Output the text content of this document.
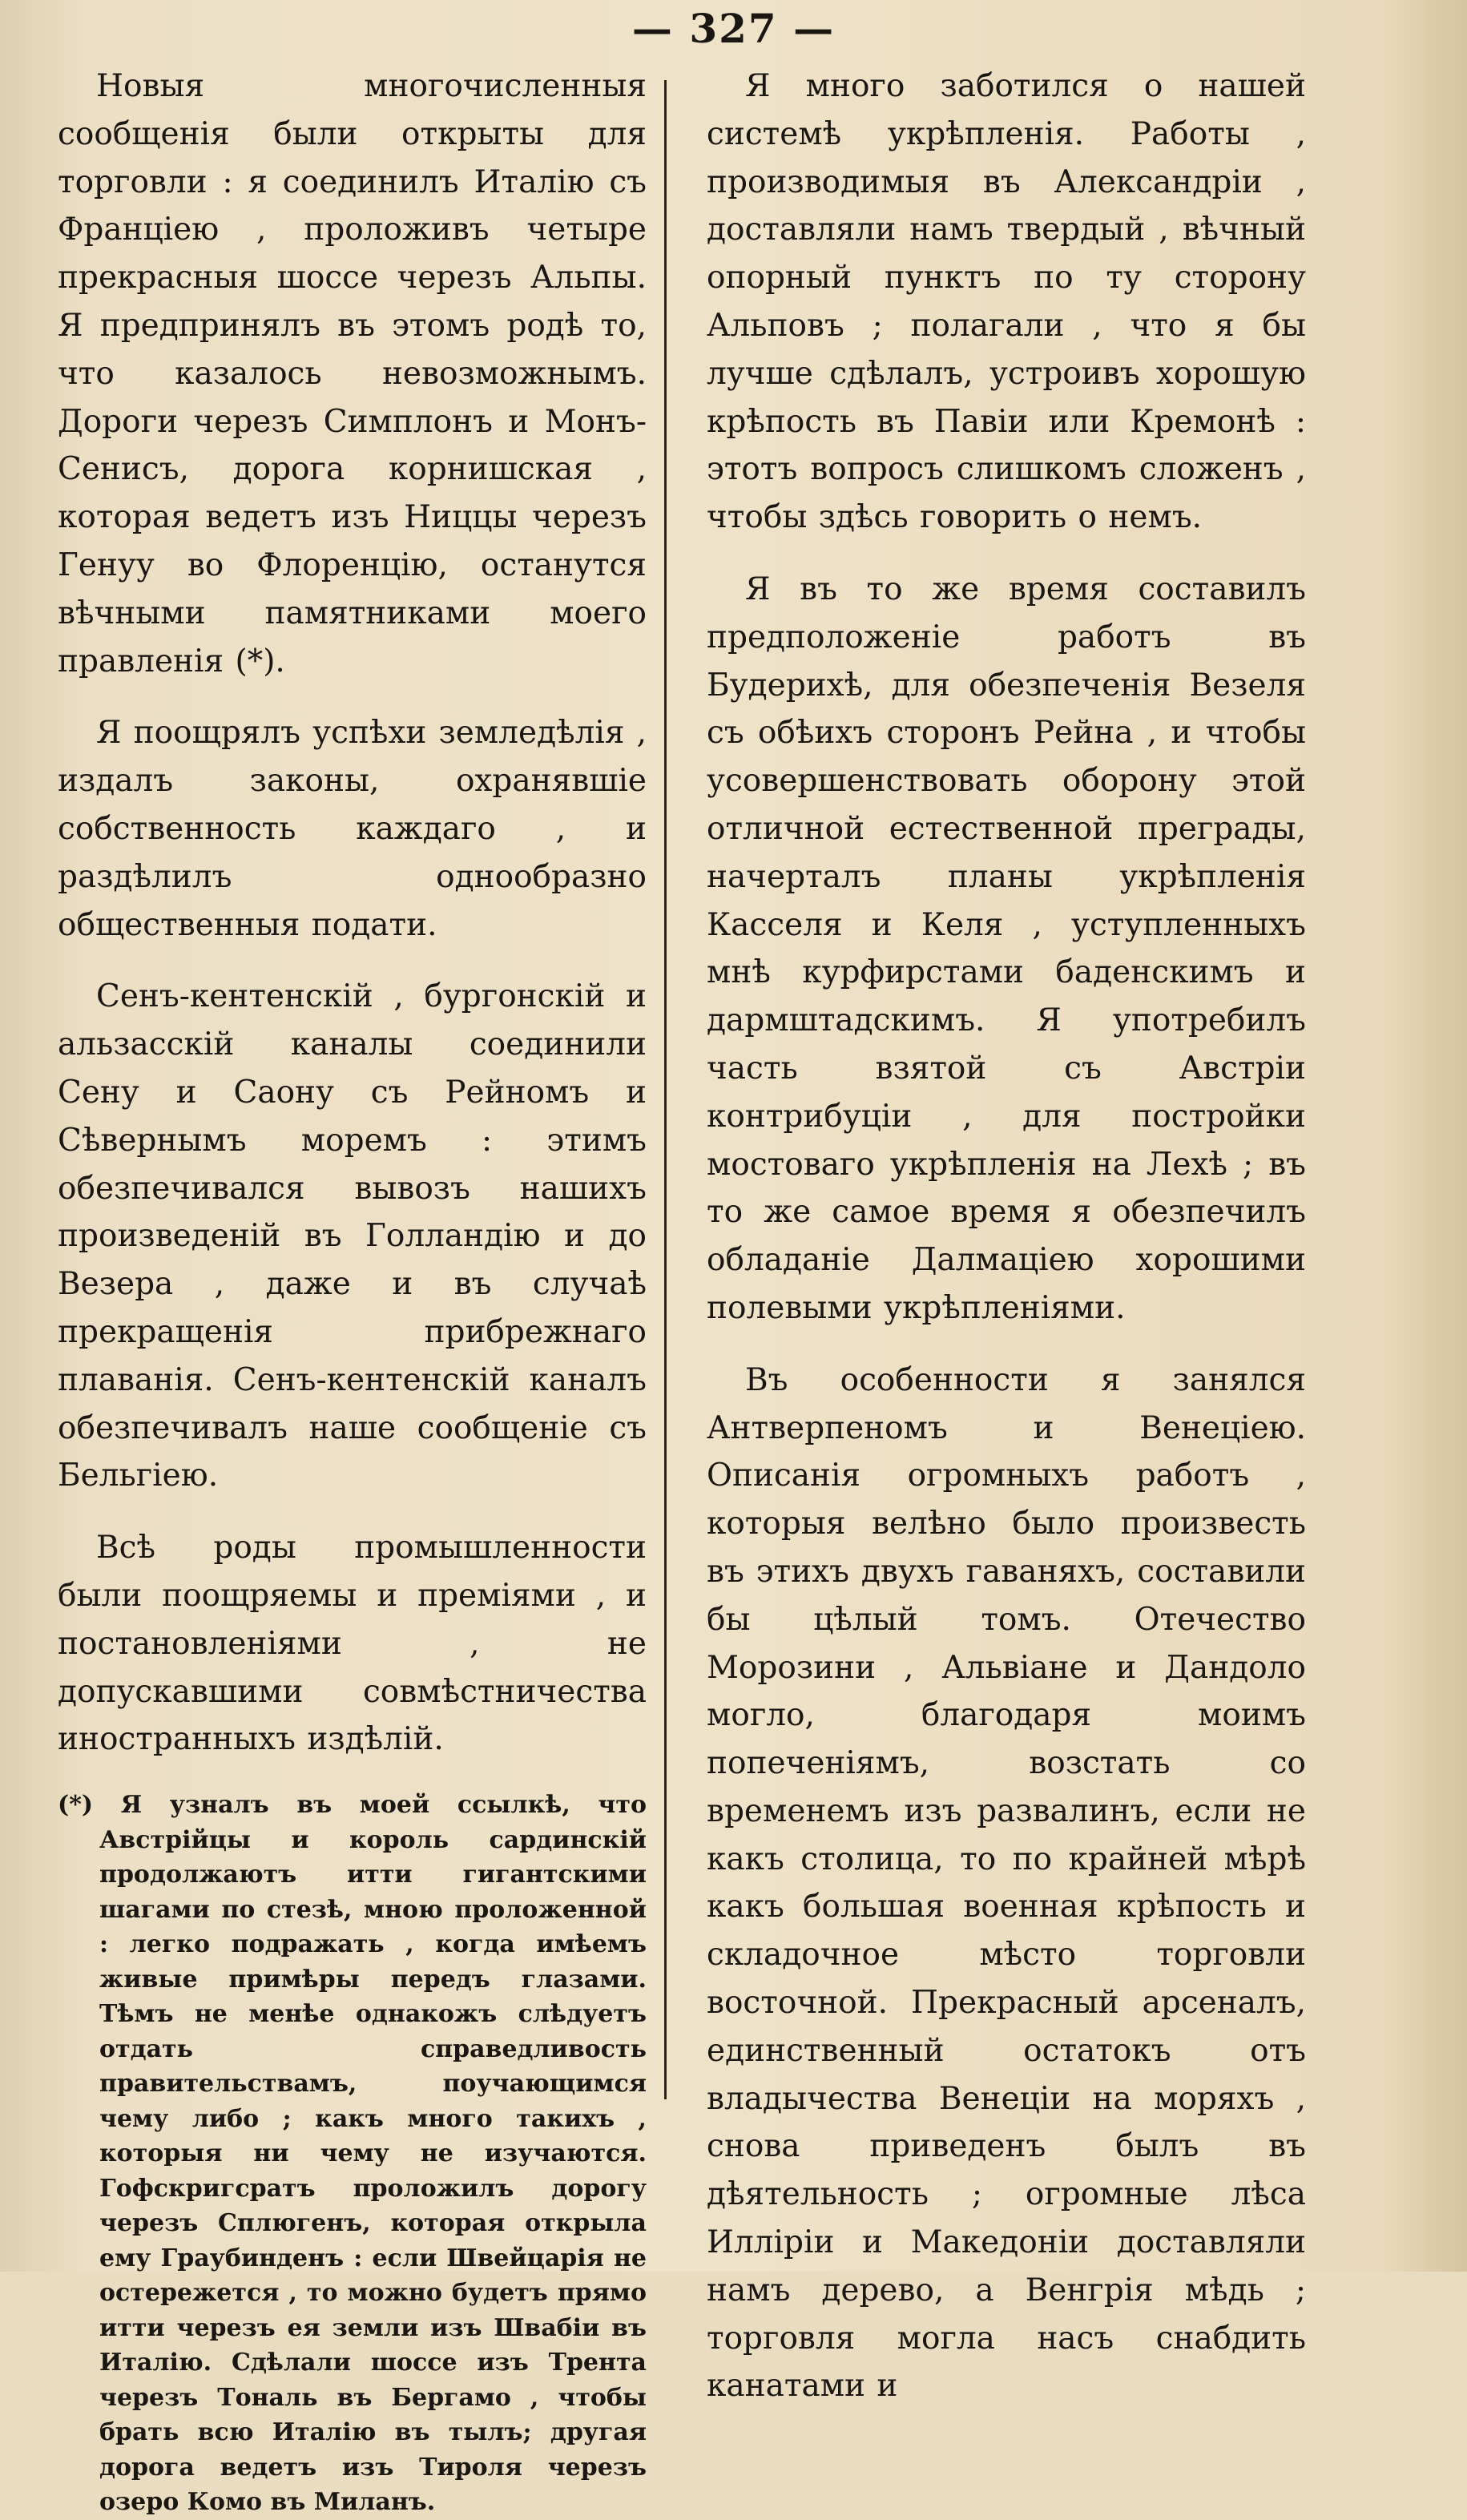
— 327 —

Новыя многочисленныя сообщенія были открыты для торговли : я соединилъ Италію съ Франціею , проложивъ четыре прекрасныя шоссе черезъ Альпы. Я предпринялъ въ этомъ родѣ то, что казалось невозможнымъ. Дороги черезъ Симплонъ и Монъ-Сенисъ, дорога корнишская , которая ведетъ изъ Ниццы черезъ Генуу во Флоренцію, останутся вѣчными памятниками моего правленія (*).

Я поощрялъ успѣхи земледѣлія , издалъ законы, охранявшіе собственность каждаго , и раздѣлилъ однообразно общественныя подати.

Сенъ-кентенскій , бургонскій и альзасскій каналы соединили Сену и Саону съ Рейномъ и Сѣвернымъ моремъ : этимъ обезпечивался вывозъ нашихъ произведеній въ Голландію и до Везера , даже и въ случаѣ прекращенія прибрежнаго плаванія. Сенъ-кентенскій каналъ обезпечивалъ наше сообщеніе съ Бельгіею.

Всѣ роды промышленности были поощряемы и преміями , и постановленіями , не допускавшими совмѣстничества иностранныхъ издѣлій.

(*) Я узналъ въ моей ссылкѣ, что Австрійцы и король сардинскій продолжаютъ итти гигантскими шагами по стезѣ, мною проложенной : легко подражать , когда имѣемъ живые примѣры передъ глазами. Тѣмъ не менѣе однакожъ слѣдуетъ отдать справедливость правительствамъ, поучающимся чему либо ; какъ много такихъ , которыя ни чему не изучаются. Гофскригсратъ проложилъ дорогу черезъ Сплюгенъ, которая открыла ему Граубинденъ : если Швейцарія не остережется , то можно будетъ прямо итти черезъ ея земли изъ Швабіи въ Италію. Сдѣлали шоссе изъ Трента черезъ Тональ въ Бергамо , чтобы брать всю Италію въ тылъ; другая дорога ведетъ изъ Тироля черезъ озеро Комо въ Миланъ.

Я много заботился о нашей системѣ укрѣпленія. Работы , производимыя въ Александріи , доставляли намъ твердый , вѣчный опорный пунктъ по ту сторону Альповъ ; полагали , что я бы лучше сдѣлалъ, устроивъ хорошую крѣпость въ Павіи или Кремонѣ : этотъ вопросъ слишкомъ сложенъ , чтобы здѣсь говорить о немъ.

Я въ то же время составилъ предположеніе работъ въ Будерихѣ, для обезпеченія Везеля съ обѣихъ сторонъ Рейна , и чтобы усовершенствовать оборону этой отличной естественной преграды, начерталъ планы укрѣпленія Касселя и Келя , уступленныхъ мнѣ курфирстами баденскимъ и дармштадскимъ. Я употребилъ часть взятой съ Австріи контрибуціи , для постройки мостоваго укрѣпленія на Лехѣ ; въ то же самое время я обезпечилъ обладаніе Далмаціею хорошими полевыми укрѣпленіями.

Въ особенности я занялся Антверпеномъ и Венеціею. Описанія огромныхъ работъ , которыя велѣно было произвесть въ этихъ двухъ гаваняхъ, составили бы цѣлый томъ. Отечество Морозини , Альвіане и Дандоло могло, благодаря моимъ попеченіямъ, возстать со временемъ изъ развалинъ, если не какъ столица, то по крайней мѣрѣ какъ большая военная крѣпость и складочное мѣсто торговли восточной. Прекрасный арсеналъ, единственный остатокъ отъ владычества Венеціи на моряхъ , снова приведенъ былъ въ дѣятельность ; огромные лѣса Илліріи и Македоніи доставляли намъ дерево, а Венгрія мѣдь ; торговля могла насъ снабдить канатами и
